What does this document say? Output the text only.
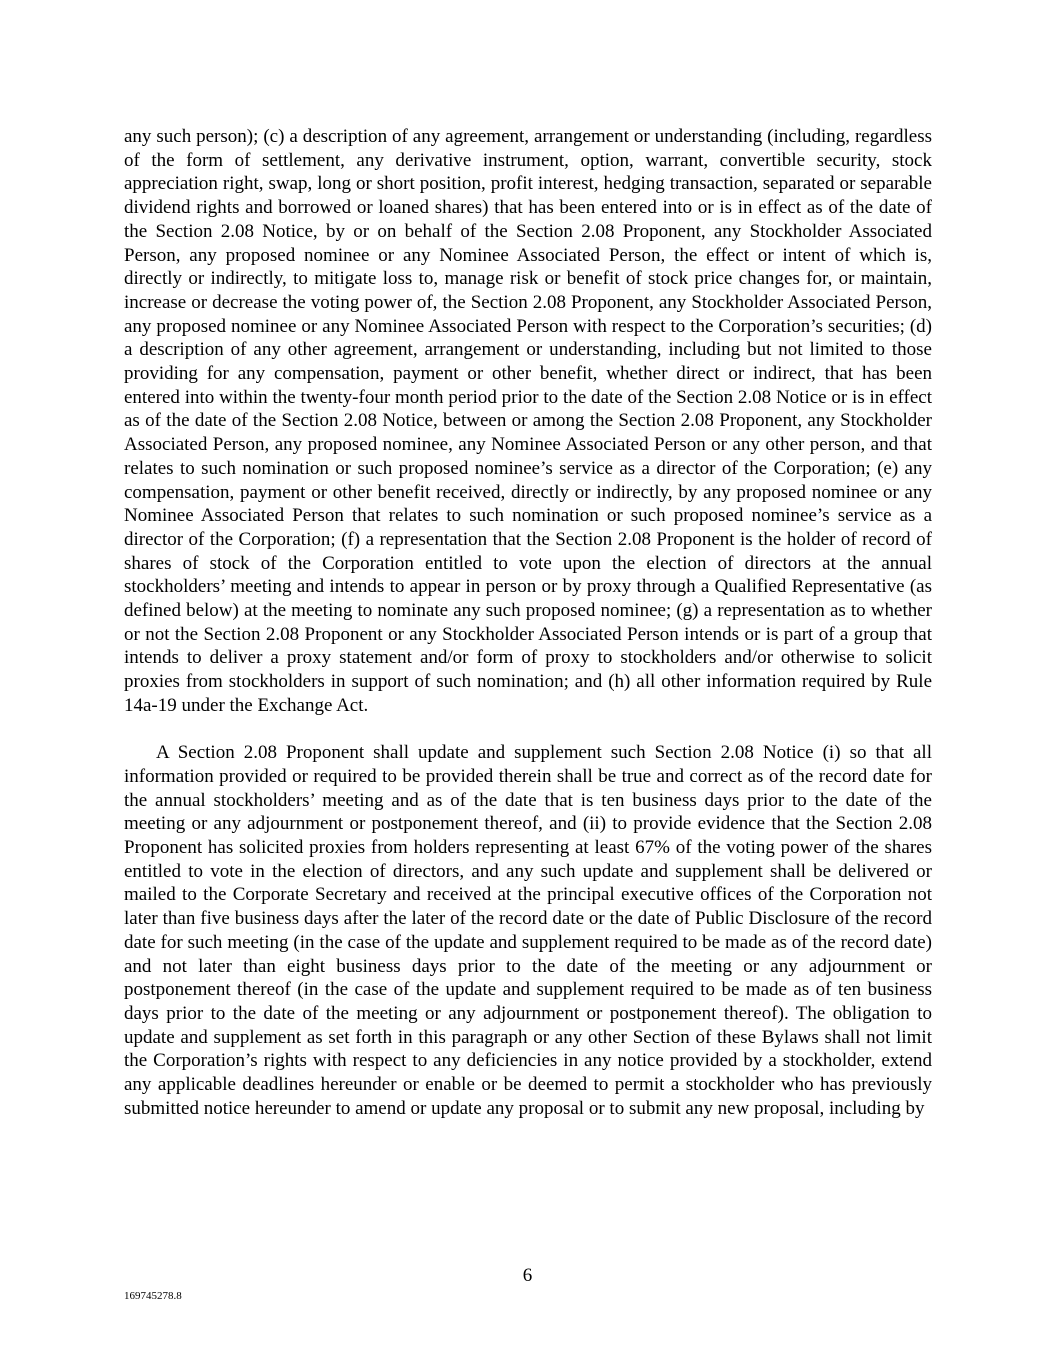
any such person); (c) a description of any agreement, arrangement or understanding (including, regardless of the form of settlement, any derivative instrument, option, warrant, convertible security, stock appreciation right, swap, long or short position, profit interest, hedging transaction, separated or separable dividend rights and borrowed or loaned shares) that has been entered into or is in effect as of the date of the Section 2.08 Notice, by or on behalf of the Section 2.08 Proponent, any Stockholder Associated Person, any proposed nominee or any Nominee Associated Person, the effect or intent of which is, directly or indirectly, to mitigate loss to, manage risk or benefit of stock price changes for, or maintain, increase or decrease the voting power of, the Section 2.08 Proponent, any Stockholder Associated Person, any proposed nominee or any Nominee Associated Person with respect to the Corporation’s securities; (d) a description of any other agreement, arrangement or understanding, including but not limited to those providing for any compensation, payment or other benefit, whether direct or indirect, that has been entered into within the twenty-four month period prior to the date of the Section 2.08 Notice or is in effect as of the date of the Section 2.08 Notice, between or among the Section 2.08 Proponent, any Stockholder Associated Person, any proposed nominee, any Nominee Associated Person or any other person, and that relates to such nomination or such proposed nominee’s service as a director of the Corporation; (e) any compensation, payment or other benefit received, directly or indirectly, by any proposed nominee or any Nominee Associated Person that relates to such nomination or such proposed nominee’s service as a director of the Corporation; (f) a representation that the Section 2.08 Proponent is the holder of record of shares of stock of the Corporation entitled to vote upon the election of directors at the annual stockholders’ meeting and intends to appear in person or by proxy through a Qualified Representative (as defined below) at the meeting to nominate any such proposed nominee; (g) a representation as to whether or not the Section 2.08 Proponent or any Stockholder Associated Person intends or is part of a group that intends to deliver a proxy statement and/or form of proxy to stockholders and/or otherwise to solicit proxies from stockholders in support of such nomination; and (h) all other information required by Rule 14a-19 under the Exchange Act.

A Section 2.08 Proponent shall update and supplement such Section 2.08 Notice (i) so that all information provided or required to be provided therein shall be true and correct as of the record date for the annual stockholders’ meeting and as of the date that is ten business days prior to the date of the meeting or any adjournment or postponement thereof, and (ii) to provide evidence that the Section 2.08 Proponent has solicited proxies from holders representing at least 67% of the voting power of the shares entitled to vote in the election of directors, and any such update and supplement shall be delivered or mailed to the Corporate Secretary and received at the principal executive offices of the Corporation not later than five business days after the later of the record date or the date of Public Disclosure of the record date for such meeting (in the case of the update and supplement required to be made as of the record date) and not later than eight business days prior to the date of the meeting or any adjournment or postponement thereof (in the case of the update and supplement required to be made as of ten business days prior to the date of the meeting or any adjournment or postponement thereof). The obligation to update and supplement as set forth in this paragraph or any other Section of these Bylaws shall not limit the Corporation’s rights with respect to any deficiencies in any notice provided by a stockholder, extend any applicable deadlines hereunder or enable or be deemed to permit a stockholder who has previously submitted notice hereunder to amend or update any proposal or to submit any new proposal, including by

6
169745278.8
